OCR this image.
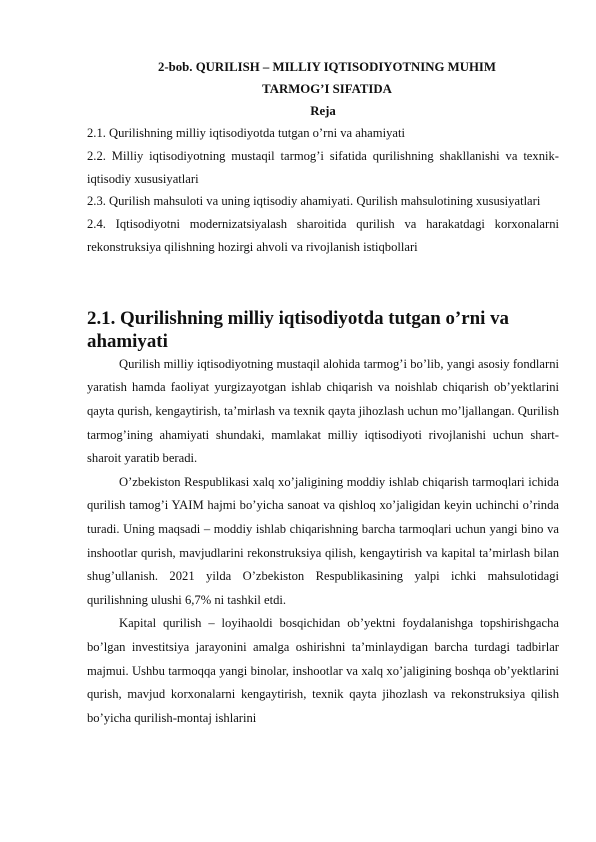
2-bob. QURILISH – MILLIY IQTISODIYOTNING MUHIM
TARMOG’I SIFATIDA
Reja
2.1. Qurilishning milliy iqtisodiyotda tutgan o’rni va ahamiyati
2.2. Milliy iqtisodiyotning mustaqil tarmog’i sifatida qurilishning shakllanishi va texnik-iqtisodiy xususiyatlari
2.3. Qurilish mahsuloti va uning iqtisodiy ahamiyati. Qurilish mahsulotining xususiyatlari
2.4. Iqtisodiyotni modernizatsiyalash sharoitida qurilish va harakatdagi korxonalarni rekonstruksiya qilishning hozirgi ahvoli va rivojlanish istiqbollari
2.1. Qurilishning milliy iqtisodiyotda tutgan o’rni va ahamiyati

Qurilish milliy iqtisodiyotning mustaqil alohida tarmog’i bo’lib, yangi asosiy fondlarni yaratish hamda faoliyat yurgizayotgan ishlab chiqarish va noishlab chiqarish ob’yektlarini qayta qurish, kengaytirish, ta’mirlash va texnik qayta jihozlash uchun mo’ljallangan. Qurilish tarmog’ining ahamiyati shundaki, mamlakat milliy iqtisodiyoti rivojlanishi uchun shart-sharoit yaratib beradi.

O’zbekiston Respublikasi xalq xo’jaligining moddiy ishlab chiqarish tarmoqlari ichida qurilish tamog’i YAIM hajmi bo’yicha sanoat va qishloq xo’jaligidan keyin uchinchi o’rinda turadi. Uning maqsadi – moddiy ishlab chiqarishning barcha tarmoqlari uchun yangi bino va inshootlar qurish, mavjudlarini rekonstruksiya qilish, kengaytirish va kapital ta’mirlash bilan shug’ullanish. 2021 yilda O’zbekiston Respublikasining yalpi ichki mahsulotidagi qurilishning ulushi 6,7% ni tashkil etdi.

Kapital qurilish – loyihaoldi bosqichidan ob’yektni foydalanishga topshirishgacha bo’lgan investitsiya jarayonini amalga oshirishni ta’minlaydigan barcha turdagi tadbirlar majmui. Ushbu tarmoqqa yangi binolar, inshootlar va xalq xo’jaligining boshqa ob’yektlarini qurish, mavjud korxonalarni kengaytirish, texnik qayta jihozlash va rekonstruksiya qilish bo’yicha qurilish-montaj ishlarini
